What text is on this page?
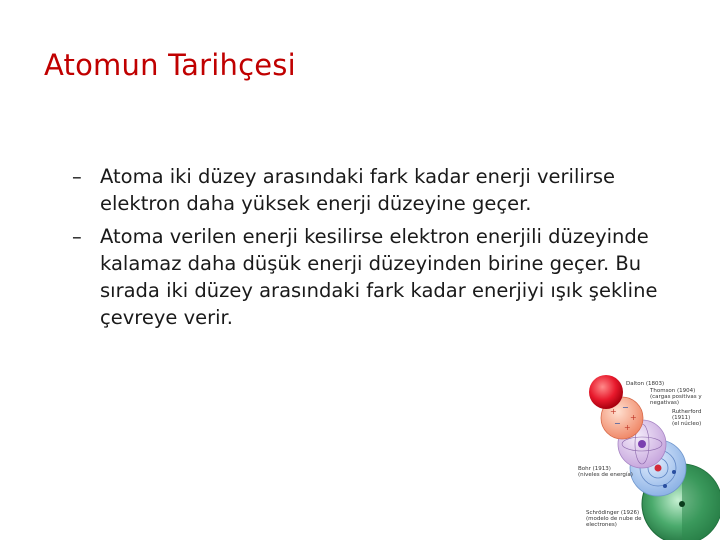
Atomun Tarihçesi
– Atoma iki düzey arasındaki fark kadar enerji verilirse elektron daha yüksek enerji düzeyine geçer.
– Atoma verilen enerji kesilirse elektron enerjili düzeyinde kalamaz daha düşük enerji düzeyinden birine geçer. Bu sırada iki düzey arasındaki fark kadar enerjiyi ışık şekline çevreye verir.
+ −
+
− +
Dalton (1803)
Thomson (1904)
(cargas positivas y
negativas)
Rutherford (1911)
(el núcleo)
Bohr (1913)
(niveles de energía)
Schrödinger (1926)
(modelo de nube de
electrones)
